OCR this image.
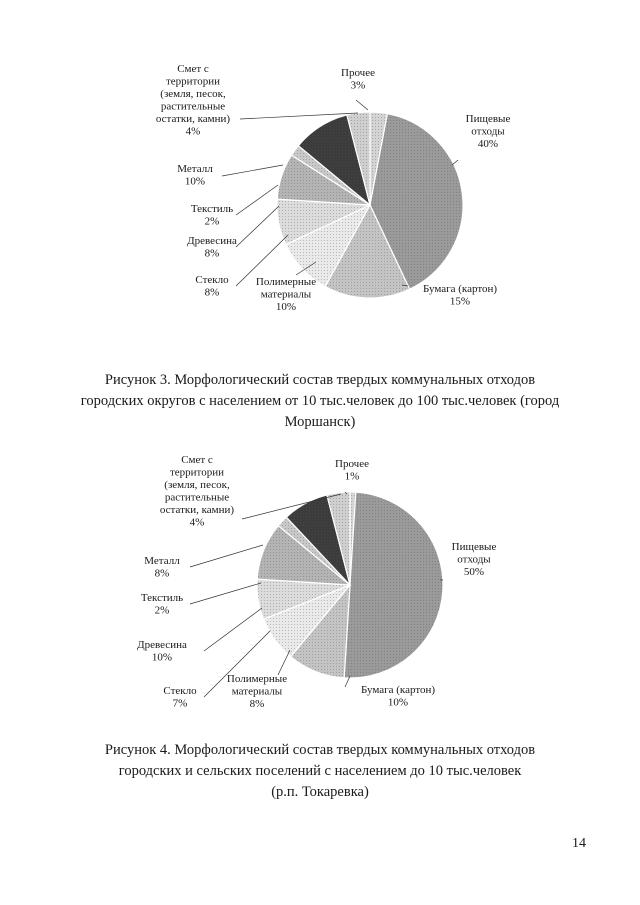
Прочее 3%
Пищевые отходы 40%
Бумага (картон) 15%
Полимерные материалы 10%
Стекло 8%
Древесина 8%
Текстиль 2%
Металл 10%
Смет с территории (земля, песок, растительные остатки, камни) 4%
Рисунок 3. Морфологический состав твердых коммунальных отходов
городских округов с населением от 10 тыс.человек до 100 тыс.человек (город
Моршанск)
Прочее 1%
Пищевые отходы 50%
Бумага (картон) 10%
Полимерные материалы 8%
Стекло 7%
Древесина 10%
Текстиль 2%
Металл 8%
Смет с территории (земля, песок, растительные остатки, камни) 4%
Рисунок 4. Морфологический состав твердых коммунальных отходов
городских и сельских поселений с населением до 10 тыс.человек
(р.п. Токаревка)
14
